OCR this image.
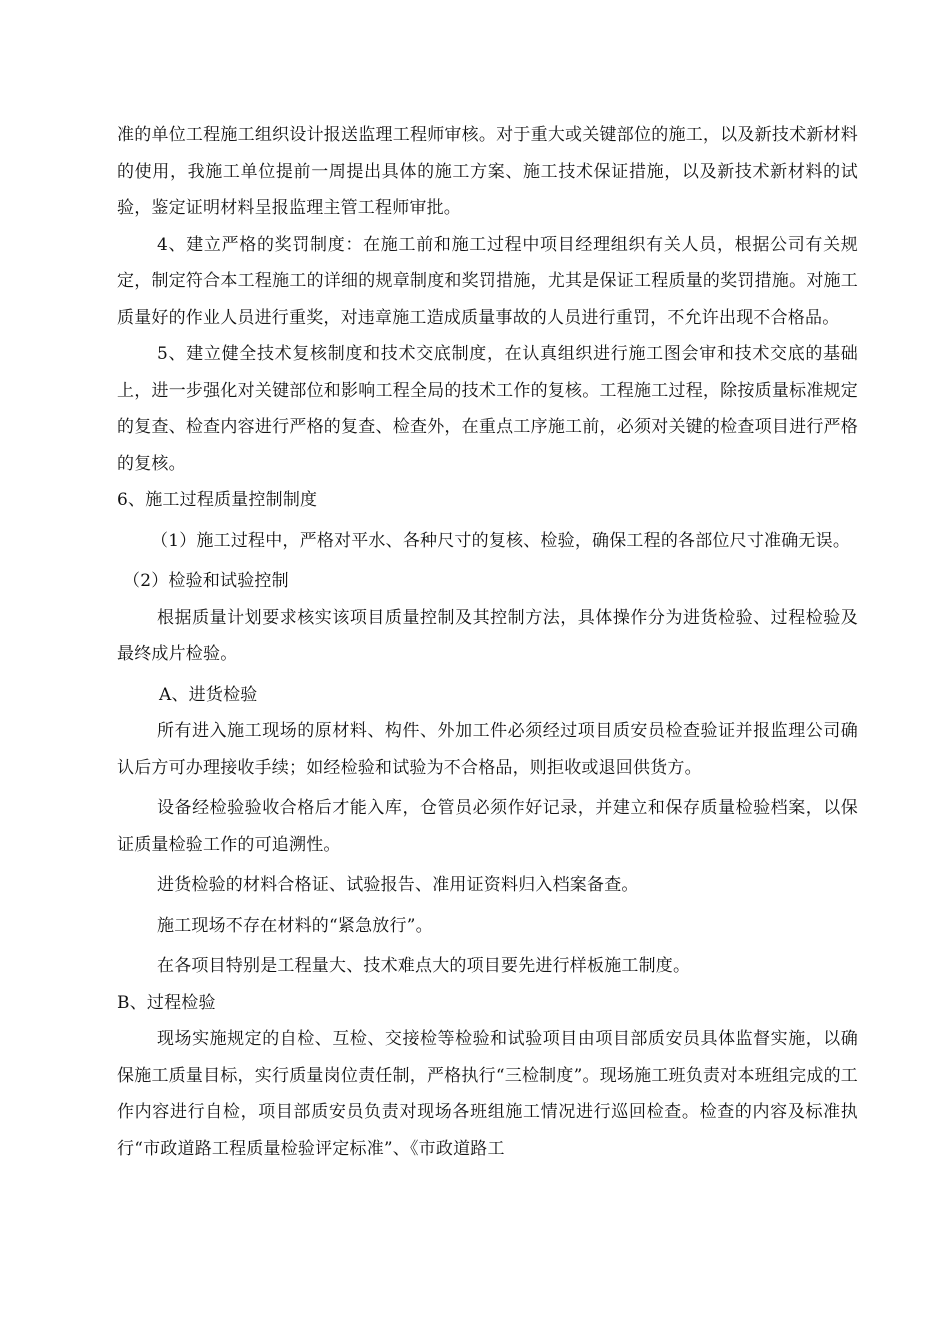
准的单位工程施工组织设计报送监理工程师审核。对于重大或关键部位的施工，以及新技术新材料的使用，我施工单位提前一周提出具体的施工方案、施工技术保证措施，以及新技术新材料的试验，鉴定证明材料呈报监理主管工程师审批。

4、建立严格的奖罚制度：在施工前和施工过程中项目经理组织有关人员，根据公司有关规定，制定符合本工程施工的详细的规章制度和奖罚措施，尤其是保证工程质量的奖罚措施。对施工质量好的作业人员进行重奖，对违章施工造成质量事故的人员进行重罚，不允许出现不合格品。

5、建立健全技术复核制度和技术交底制度，在认真组织进行施工图会审和技术交底的基础上，进一步强化对关键部位和影响工程全局的技术工作的复核。工程施工过程，除按质量标准规定的复查、检查内容进行严格的复查、检查外，在重点工序施工前，必须对关键的检查项目进行严格的复核。

6、施工过程质量控制制度

（1）施工过程中，严格对平水、各种尺寸的复核、检验，确保工程的各部位尺寸准确无误。

（2）检验和试验控制

根据质量计划要求核实该项目质量控制及其控制方法，具体操作分为进货检验、过程检验及最终成片检验。

A、进货检验

所有进入施工现场的原材料、构件、外加工件必须经过项目质安员检查验证并报监理公司确认后方可办理接收手续；如经检验和试验为不合格品，则拒收或退回供货方。

设备经检验验收合格后才能入库，仓管员必须作好记录，并建立和保存质量检验档案，以保证质量检验工作的可追溯性。

进货检验的材料合格证、试验报告、准用证资料归入档案备查。

施工现场不存在材料的“紧急放行”。

在各项目特别是工程量大、技术难点大的项目要先进行样板施工制度。

B、过程检验

现场实施规定的自检、互检、交接检等检验和试验项目由项目部质安员具体监督实施，以确保施工质量目标，实行质量岗位责任制，严格执行“三检制度”。现场施工班负责对本班组完成的工作内容进行自检，项目部质安员负责对现场各班组施工情况进行巡回检查。检查的内容及标准执行“市政道路工程质量检验评定标准”、《市政道路工
